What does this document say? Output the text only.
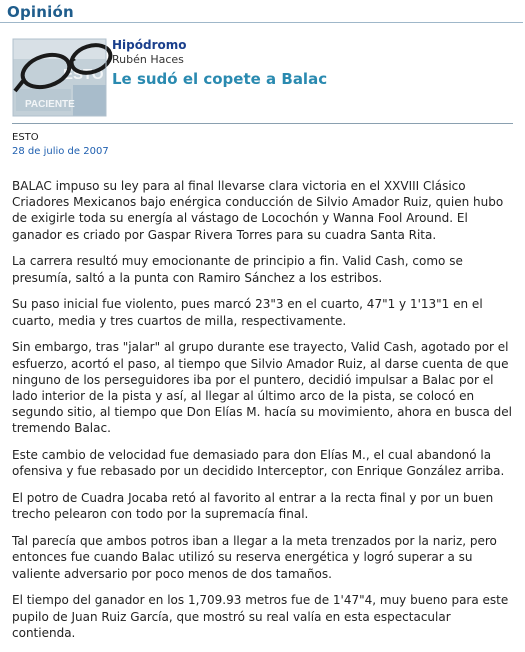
Opinión
ESTO
PACIENTE
Hipódromo
Rubén Haces
Le sudó el copete a Balac
ESTO
28 de julio de 2007

BALAC impuso su ley para al final llevarse clara victoria en el XXVIII Clásico Criadores Mexicanos bajo enérgica conducción de Silvio Amador Ruiz, quien hubo de exigirle toda su energía al vástago de Locochón y Wanna Fool Around. El ganador es criado por Gaspar Rivera Torres para su cuadra Santa Rita.

La carrera resultó muy emocionante de principio a fin. Valid Cash, como se presumía, saltó a la punta con Ramiro Sánchez a los estribos.

Su paso inicial fue violento, pues marcó 23"3 en el cuarto, 47"1 y 1'13"1 en el cuarto, media y tres cuartos de milla, respectivamente.

Sin embargo, tras "jalar" al grupo durante ese trayecto, Valid Cash, agotado por el esfuerzo, acortó el paso, al tiempo que Silvio Amador Ruiz, al darse cuenta de que ninguno de los perseguidores iba por el puntero, decidió impulsar a Balac por el lado interior de la pista y así, al llegar al último arco de la pista, se colocó en segundo sitio, al tiempo que Don Elías M. hacía su movimiento, ahora en busca del tremendo Balac.

Este cambio de velocidad fue demasiado para don Elías M., el cual abandonó la ofensiva y fue rebasado por un decidido Interceptor, con Enrique González arriba.

El potro de Cuadra Jocaba retó al favorito al entrar a la recta final y por un buen trecho pelearon con todo por la supremacía final.

Tal parecía que ambos potros iban a llegar a la meta trenzados por la nariz, pero entonces fue cuando Balac utilizó su reserva energética y logró superar a su valiente adversario por poco menos de dos tamaños.

El tiempo del ganador en los 1,709.93 metros fue de 1'47"4, muy bueno para este pupilo de Juan Ruiz García, que mostró su real valía en esta espectacular contienda.
